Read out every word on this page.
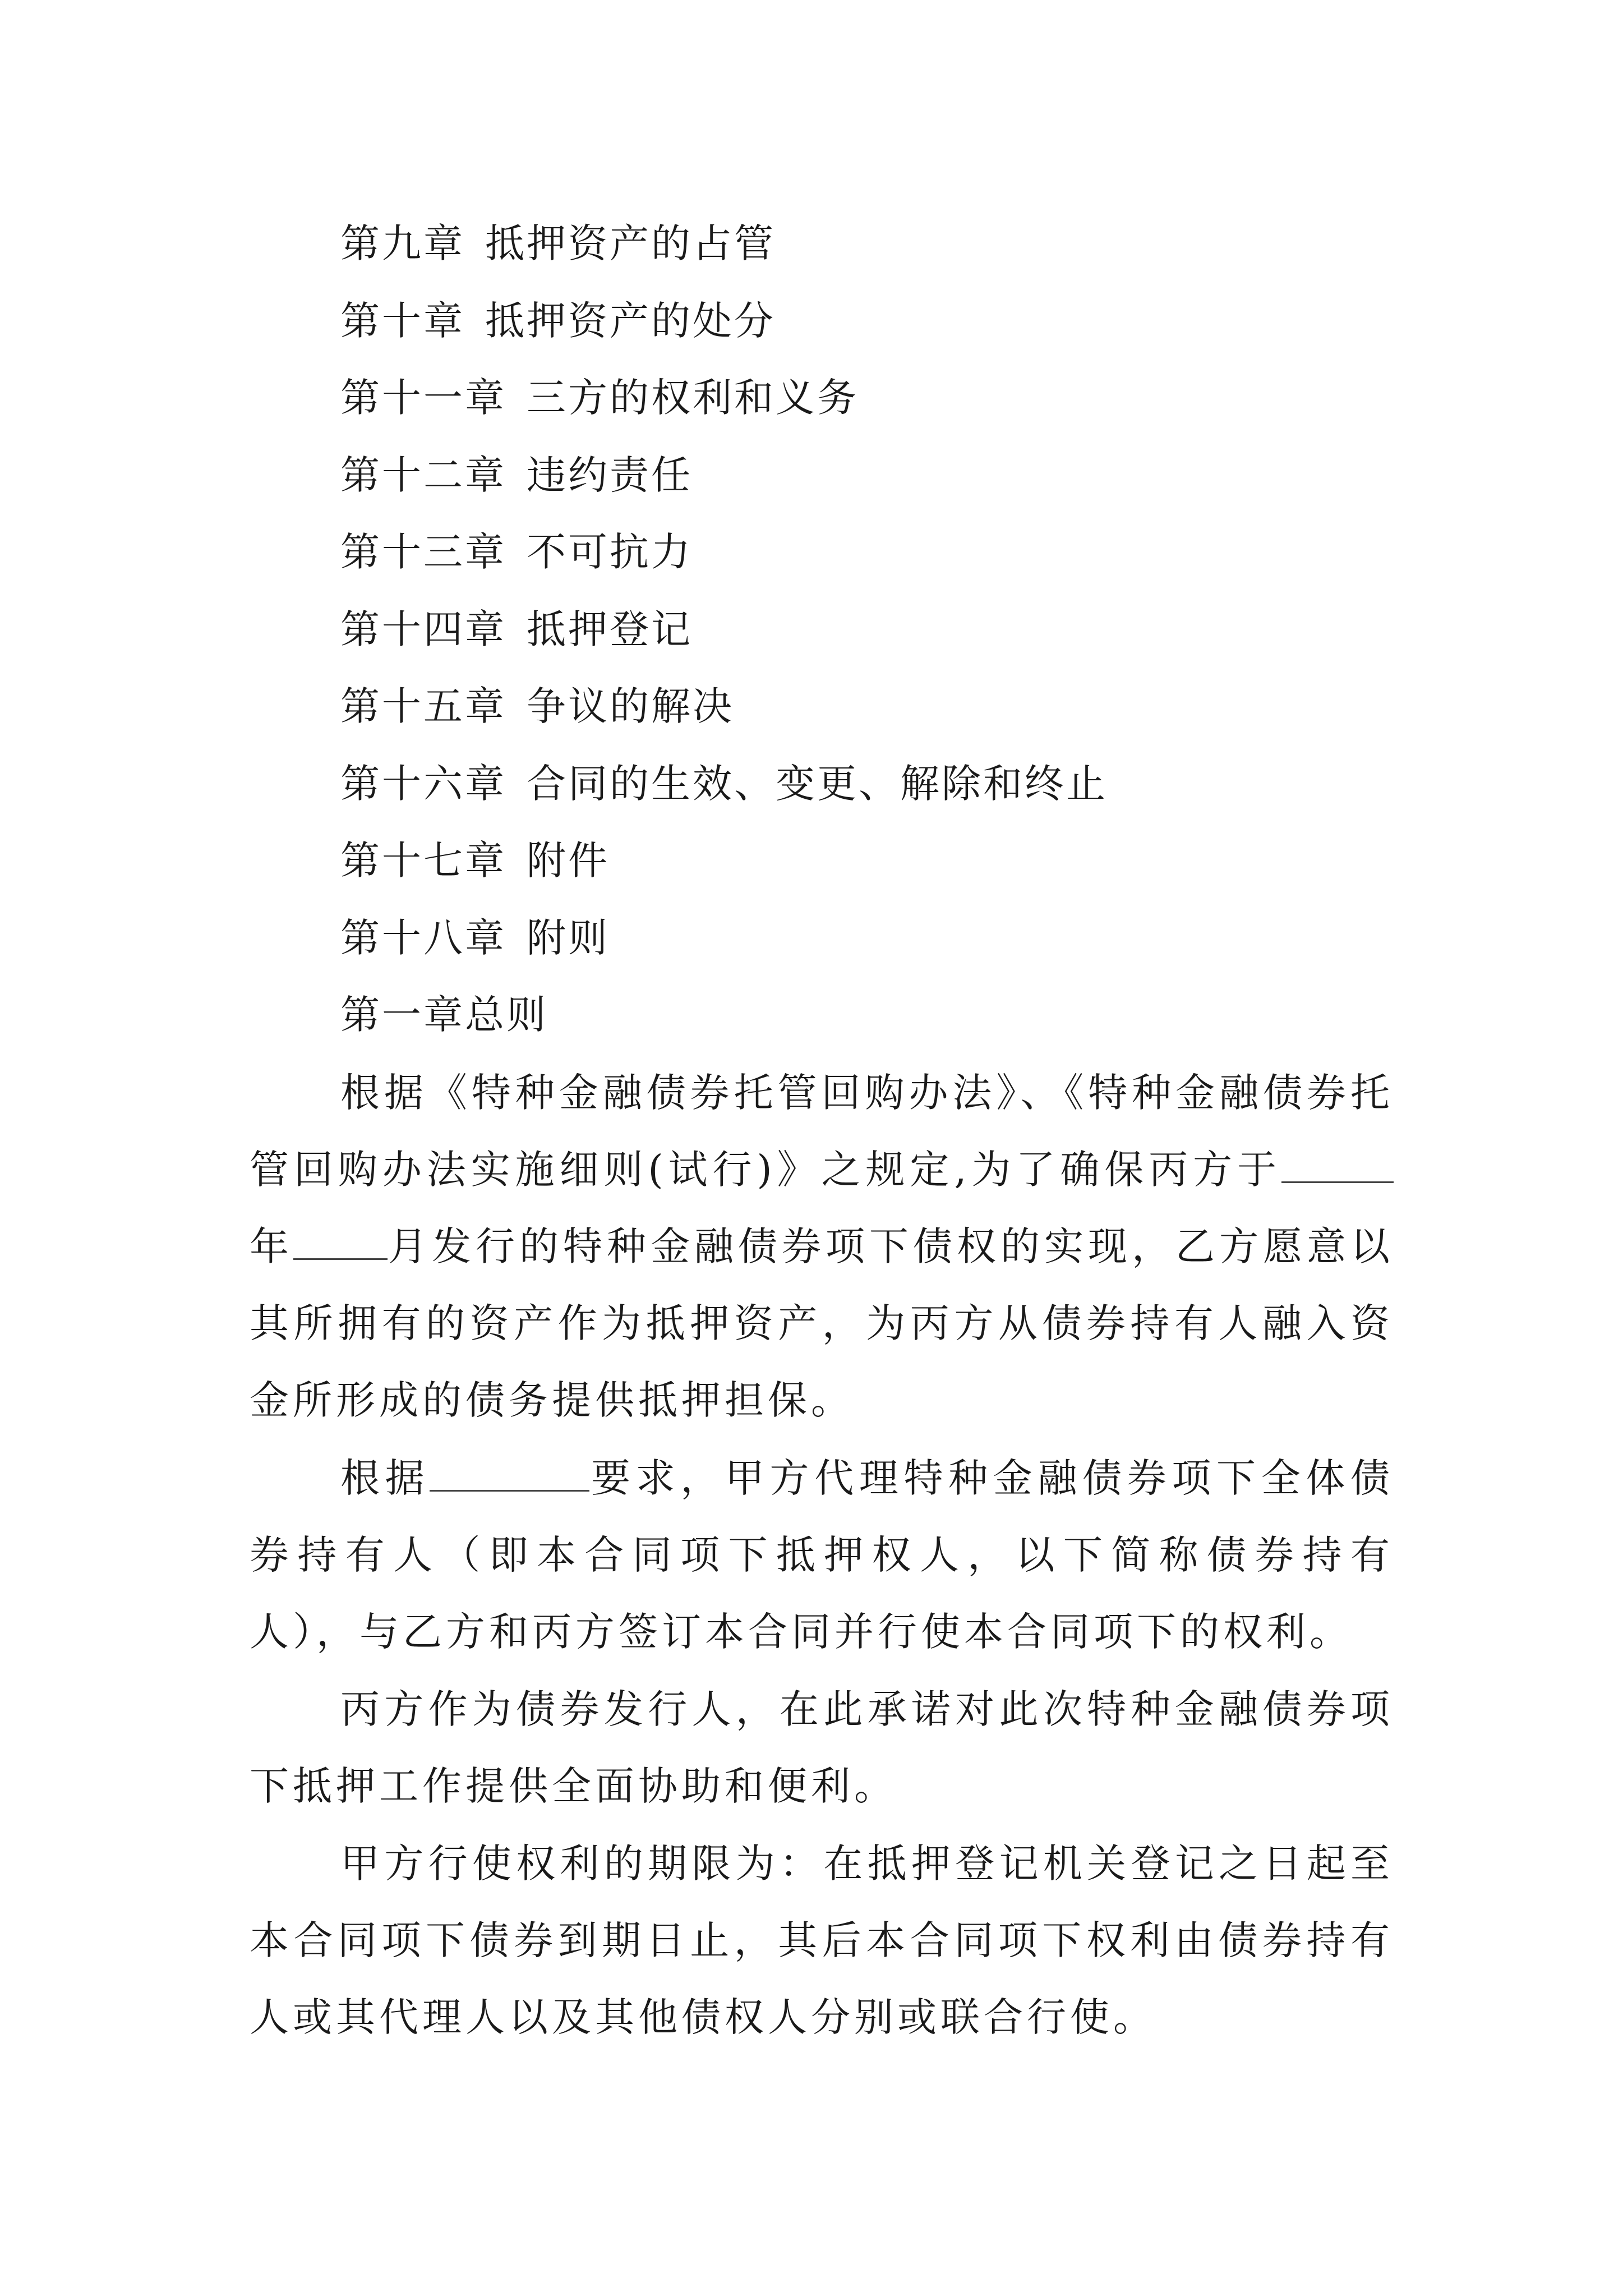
第九章 抵押资产的占管
第十章 抵押资产的处分
第十一章 三方的权利和义务
第十二章 违约责任
第十三章 不可抗力
第十四章 抵押登记
第十五章 争议的解决
第十六章 合同的生效、变更、解除和终止
第十七章 附件
第十八章 附则
第一章总则

根据《特种金融债券托管回购办法》、《特种金融债券托管回购办法实施细则(试行)》之规定,为了确保丙方于年 月发行的特种金融债券项下债权的实现，乙方愿意以其所拥有的资产作为抵押资产，为丙方从债券持有人融入资金所形成的债务提供抵押担保。

根据	要求，甲方代理特种金融债券项下全体债券持有人（即本合同项下抵押权人，以下简称债券持有人），与乙方和丙方签订本合同并行使本合同项下的权利。

丙方作为债券发行人，在此承诺对此次特种金融债券项下抵押工作提供全面协助和便利。

甲方行使权利的期限为：在抵押登记机关登记之日起至本合同项下债券到期日止，其后本合同项下权利由债券持有人或其代理人以及其他债权人分别或联合行使。
